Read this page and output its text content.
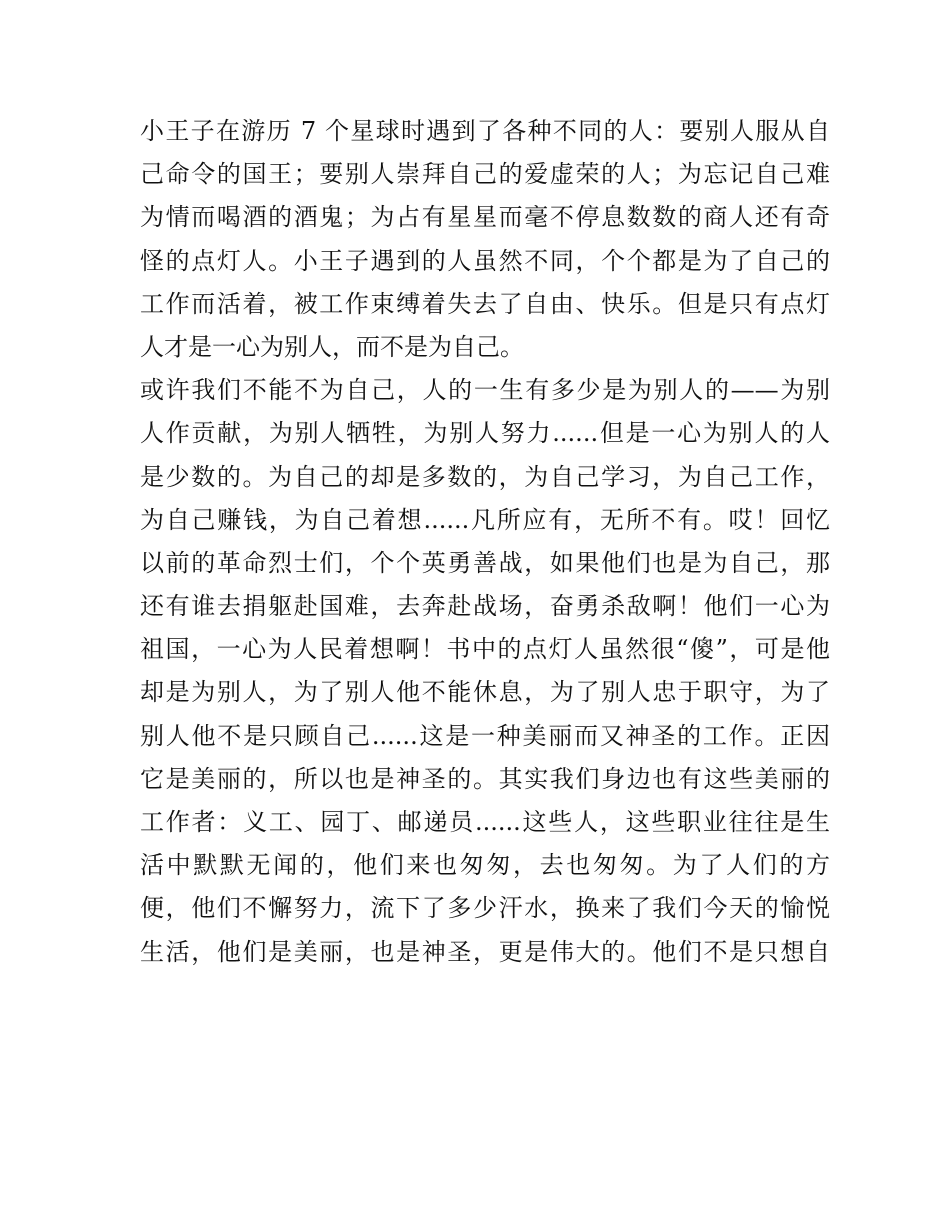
小王子在游历 7 个星球时遇到了各种不同的人：要别人服从自
己命令的国王；要别人崇拜自己的爱虚荣的人；为忘记自己难
为情而喝酒的酒鬼；为占有星星而毫不停息数数的商人还有奇
怪的点灯人。小王子遇到的人虽然不同，个个都是为了自己的
工作而活着，被工作束缚着失去了自由、快乐。但是只有点灯
人才是一心为别人，而不是为自己。
或许我们不能不为自己，人的一生有多少是为别人的——为别
人作贡献，为别人牺牲，为别人努力......但是一心为别人的人
是少数的。为自己的却是多数的，为自己学习，为自己工作，
为自己赚钱，为自己着想......凡所应有，无所不有。哎！回忆
以前的革命烈士们，个个英勇善战，如果他们也是为自己，那
还有谁去捐躯赴国难，去奔赴战场，奋勇杀敌啊！他们一心为
祖国，一心为人民着想啊！书中的点灯人虽然很“傻”，可是他
却是为别人，为了别人他不能休息，为了别人忠于职守，为了
别人他不是只顾自己......这是一种美丽而又神圣的工作。正因
它是美丽的，所以也是神圣的。其实我们身边也有这些美丽的
工作者：义工、园丁、邮递员......这些人，这些职业往往是生
活中默默无闻的，他们来也匆匆，去也匆匆。为了人们的方
便，他们不懈努力，流下了多少汗水，换来了我们今天的愉悦
生活，他们是美丽，也是神圣，更是伟大的。他们不是只想自
